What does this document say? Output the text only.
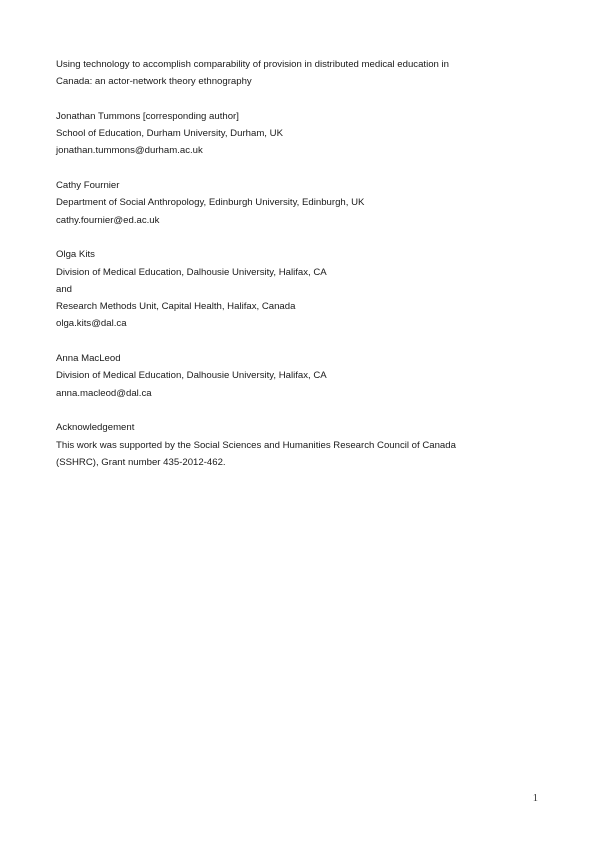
Using technology to accomplish comparability of provision in distributed medical education in
Canada: an actor-network theory ethnography
Jonathan Tummons [corresponding author]
School of Education, Durham University, Durham, UK
jonathan.tummons@durham.ac.uk
Cathy Fournier
Department of Social Anthropology, Edinburgh University, Edinburgh, UK
cathy.fournier@ed.ac.uk
Olga Kits
Division of Medical Education, Dalhousie University, Halifax, CA
and
Research Methods Unit, Capital Health, Halifax, Canada
olga.kits@dal.ca
Anna MacLeod
Division of Medical Education, Dalhousie University, Halifax, CA
anna.macleod@dal.ca
Acknowledgement
This work was supported by the Social Sciences and Humanities Research Council of Canada
(SSHRC), Grant number 435-2012-462.
1
